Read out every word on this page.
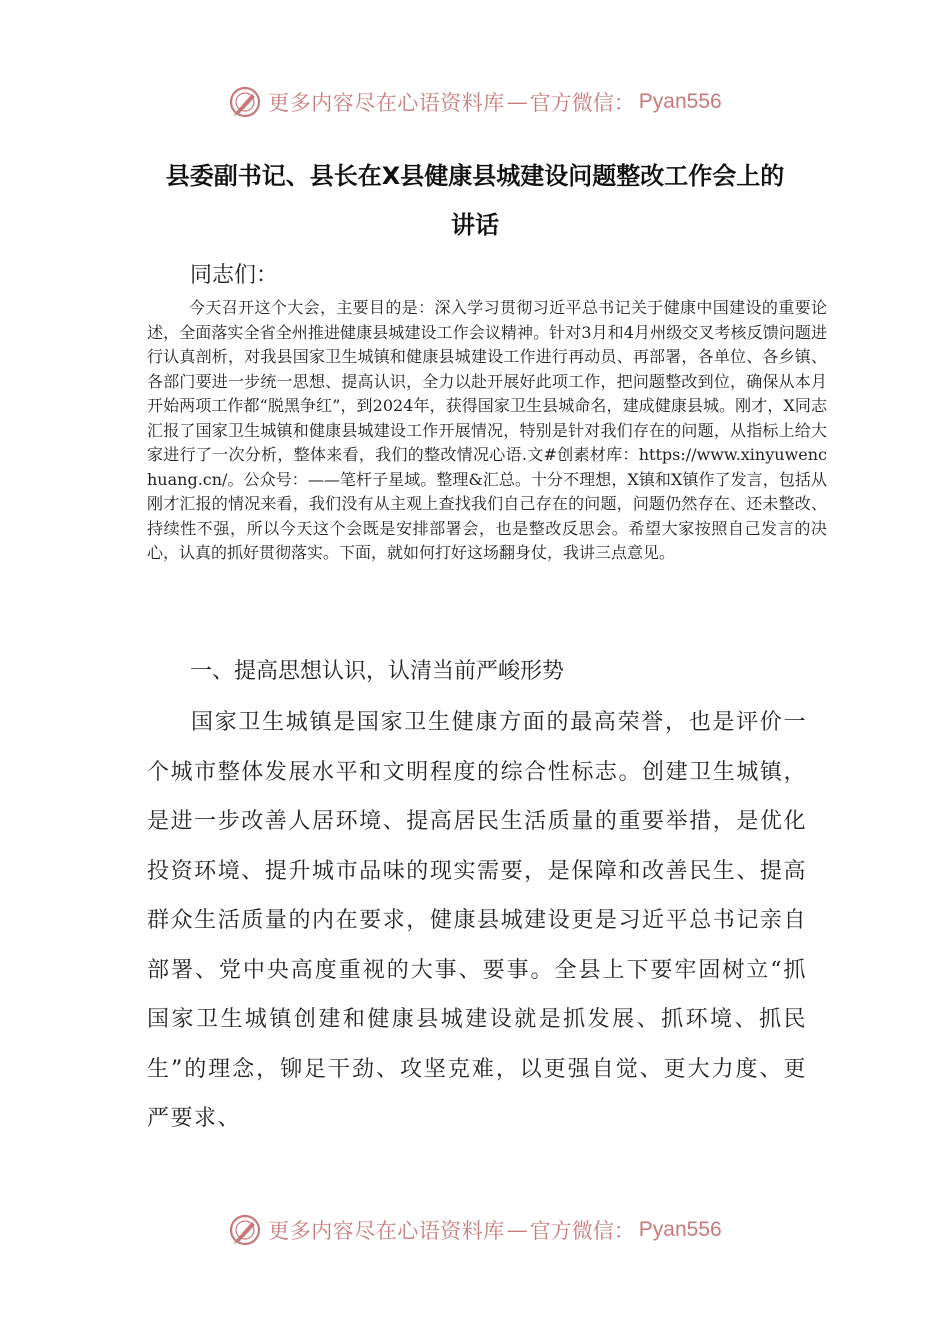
更多内容尽在心语资料库 — 官方微信： Pyan556
县委副书记、县长在X县健康县城建设问题整改工作会上的
讲话
同志们：
今天召开这个大会，主要目的是：深入学习贯彻习近平总书记关于健康中国建设的重要论述，全面落实全省全州推进健康县城建设工作会议精神。针对3月和4月州级交叉考核反馈问题进行认真剖析，对我县国家卫生城镇和健康县城建设工作进行再动员、再部署，各单位、各乡镇、各部门要进一步统一思想、提高认识，全力以赴开展好此项工作，把问题整改到位，确保从本月开始两项工作都“脱黑争红”，到2024年，获得国家卫生县城命名，建成健康县城。刚才，X同志汇报了国家卫生城镇和健康县城建设工作开展情况，特别是针对我们存在的问题，从指标上给大家进行了一次分析，整体来看，我们的整改情况心语.文#创素材库：https://www.xinyuwenchuang.cn/。公众号：——笔杆子星域。整理&汇总。十分不理想，X镇和X镇作了发言，包括从刚才汇报的情况来看，我们没有从主观上查找我们自己存在的问题，问题仍然存在、还未整改、持续性不强，所以今天这个会既是安排部署会，也是整改反思会。希望大家按照自己发言的决心，认真的抓好贯彻落实。下面，就如何打好这场翻身仗，我讲三点意见。
一、提高思想认识，认清当前严峻形势
国家卫生城镇是国家卫生健康方面的最高荣誉，也是评价一个城市整体发展水平和文明程度的综合性标志。创建卫生城镇，是进一步改善人居环境、提高居民生活质量的重要举措，是优化投资环境、提升城市品味的现实需要，是保障和改善民生、提高群众生活质量的内在要求，健康县城建设更是习近平总书记亲自部署、党中央高度重视的大事、要事。全县上下要牢固树立“抓国家卫生城镇创建和健康县城建设就是抓发展、抓环境、抓民生”的理念，铆足干劲、攻坚克难，以更强自觉、更大力度、更严要求、
更多内容尽在心语资料库 — 官方微信： Pyan556
